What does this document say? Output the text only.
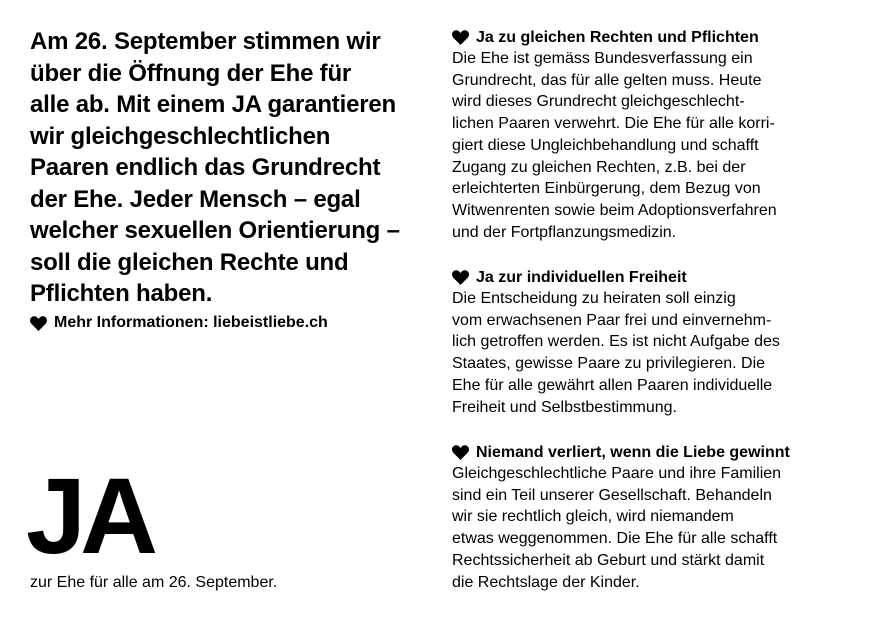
Am 26. September stimmen wir
über die Öffnung der Ehe für
alle ab. Mit einem JA garantieren
wir gleichgeschlechtlichen
Paaren endlich das Grundrecht
der Ehe. Jeder Mensch – egal
welcher sexuellen Orientierung –
soll die gleichen Rechte und
Pflichten haben.
Mehr Informationen: liebeistliebe.ch
JA
zur Ehe für alle am 26. September.
Ja zu gleichen Rechten und Pflichten
Die Ehe ist gemäss Bundesverfassung ein
Grundrecht, das für alle gelten muss. Heute
wird dieses Grundrecht gleichgeschlecht-
lichen Paaren verwehrt. Die Ehe für alle korri-
giert diese Ungleichbehandlung und schafft
Zugang zu gleichen Rechten, z.B. bei der
erleichterten Einbürgerung, dem Bezug von
Witwenrenten sowie beim Adoptionsverfahren
und der Fortpflanzungsmedizin.
Ja zur individuellen Freiheit
Die Entscheidung zu heiraten soll einzig
vom erwachsenen Paar frei und einvernehm-
lich getroffen werden. Es ist nicht Aufgabe des
Staates, gewisse Paare zu privilegieren. Die
Ehe für alle gewährt allen Paaren individuelle
Freiheit und Selbstbestimmung.
Niemand verliert, wenn die Liebe gewinnt
Gleichgeschlechtliche Paare und ihre Familien
sind ein Teil unserer Gesellschaft. Behandeln
wir sie rechtlich gleich, wird niemandem
etwas weggenommen. Die Ehe für alle schafft
Rechtssicherheit ab Geburt und stärkt damit
die Rechtslage der Kinder.
